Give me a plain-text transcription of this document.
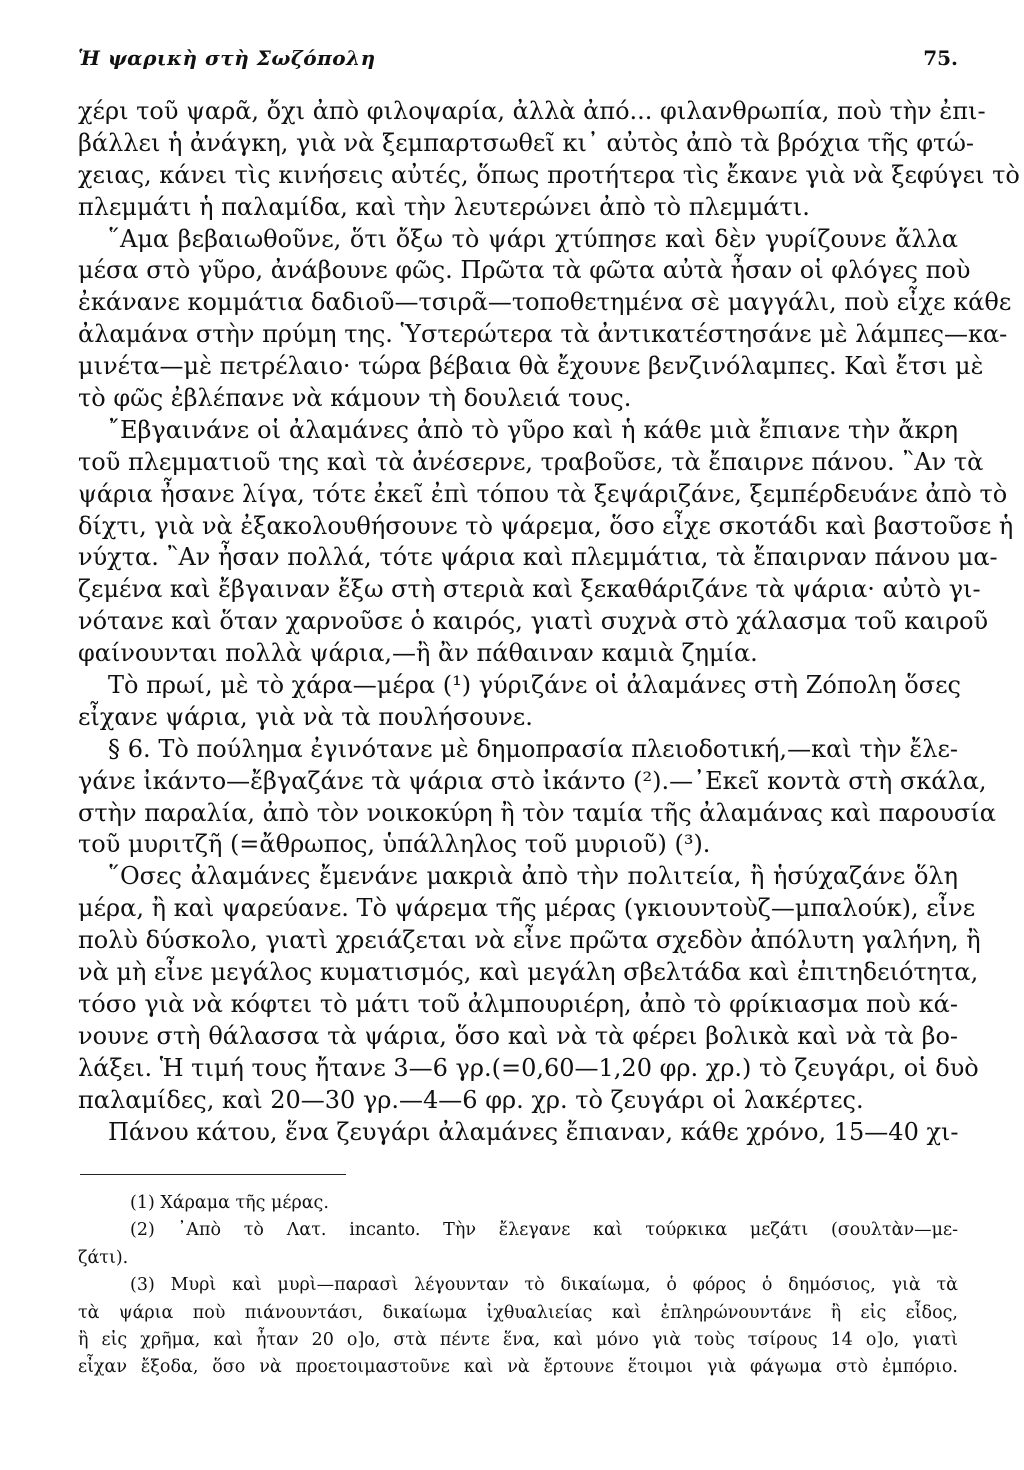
Ἡ ψαρικὴ στὴ Σωζόπολη	75.
χέρι τοῦ ψαρᾶ, ὄχι ἀπὸ φιλοψαρία, ἀλλὰ ἀπό... φιλανθρωπία, ποὺ τὴν ἐπι-
βάλλει ἡ ἀνάγκη, γιὰ νὰ ξεμπαρτσωθεῖ κι᾽ αὐτὸς ἀπὸ τὰ βρόχια τῆς φτώ-
χειας, κάνει τὶς κινήσεις αὐτές, ὅπως προτήτερα τὶς ἔκανε γιὰ νὰ ξεφύγει τὸ
πλεμμάτι ἡ παλαμίδα, καὶ τὴν λευτερώνει ἀπὸ τὸ πλεμμάτι.
῞Αμα βεβαιωθοῦνε, ὅτι ὄξω τὸ ψάρι χτύπησε καὶ δὲν γυρίζουνε ἄλλα
μέσα στὸ γῦρο, ἀνάβουνε φῶς. Πρῶτα τὰ φῶτα αὐτὰ ἦσαν οἱ φλόγες ποὺ
ἐκάνανε κομμάτια δαδιοῦ—τσιρᾶ—τοποθετημένα σὲ μαγγάλι, ποὺ εἶχε κάθε
ἀλαμάνα στὴν πρύμη της. Ὑστερώτερα τὰ ἀντικατέστησάνε μὲ λάμπες—κα-
μινέτα—μὲ πετρέλαιο· τώρα βέβαια θὰ ἔχουνε βενζινόλαμπες. Καὶ ἔτσι μὲ
τὸ φῶς ἐβλέπανε νὰ κάμουν τὴ δουλειά τους.
῎Εβγαινάνε οἱ ἀλαμάνες ἀπὸ τὸ γῦρο καὶ ἡ κάθε μιὰ ἔπιανε τὴν ἄκρη
τοῦ πλεμματιοῦ της καὶ τὰ ἀνέσερνε, τραβοῦσε, τὰ ἔπαιρνε πάνου. ῍Αν τὰ
ψάρια ἦσανε λίγα, τότε ἐκεῖ ἐπὶ τόπου τὰ ξεψάριζάνε, ξεμπέρδευάνε ἀπὸ τὸ
δίχτι, γιὰ νὰ ἐξακολουθήσουνε τὸ ψάρεμα, ὅσο εἶχε σκοτάδι καὶ βαστοῦσε ἡ
νύχτα. ῍Αν ἦσαν πολλά, τότε ψάρια καὶ πλεμμάτια, τὰ ἔπαιρναν πάνου μα-
ζεμένα καὶ ἔβγαιναν ἔξω στὴ στεριὰ καὶ ξεκαθάριζάνε τὰ ψάρια· αὐτὸ γι-
νότανε καὶ ὅταν χαρνοῦσε ὁ καιρός, γιατὶ συχνὰ στὸ χάλασμα τοῦ καιροῦ
φαίνουνται πολλὰ ψάρια,—ἢ ἂν πάθαιναν καμιὰ ζημία.
Τὸ πρωί, μὲ τὸ χάρα—μέρα (¹) γύριζάνε οἱ ἀλαμάνες στὴ Ζόπολη ὅσες
εἶχανε ψάρια, γιὰ νὰ τὰ πουλήσουνε.
§ 6. Τὸ πούλημα ἐγινότανε μὲ δημοπρασία πλειοδοτική,—καὶ τὴν ἔλε-
γάνε ἰκάντο—ἔβγαζάνε τὰ ψάρια στὸ ἰκάντο (²).—᾽Εκεῖ κοντὰ στὴ σκάλα,
στὴν παραλία, ἀπὸ τὸν νοικοκύρη ἢ τὸν ταμία τῆς ἀλαμάνας καὶ παρουσία
τοῦ μυριτζῆ (=ἄθρωπος, ὑπάλληλος τοῦ μυριοῦ) (³).
῞Οσες ἀλαμάνες ἔμενάνε μακριὰ ἀπὸ τὴν πολιτεία, ἢ ἡσύχαζάνε ὅλη
μέρα, ἢ καὶ ψαρεύανε. Τὸ ψάρεμα τῆς μέρας (γκιουντοὺζ—μπαλούκ), εἶνε
πολὺ δύσκολο, γιατὶ χρειάζεται νὰ εἶνε πρῶτα σχεδὸν ἀπόλυτη γαλήνη, ἢ
νὰ μὴ εἶνε μεγάλος κυματισμός, καὶ μεγάλη σβελτάδα καὶ ἐπιτηδειότητα,
τόσο γιὰ νὰ κόφτει τὸ μάτι τοῦ ἀλμπουριέρη, ἀπὸ τὸ φρίκιασμα ποὺ κά-
νουνε στὴ θάλασσα τὰ ψάρια, ὅσο καὶ νὰ τὰ φέρει βολικὰ καὶ νὰ τὰ βο-
λάξει. Ἡ τιμή τους ἤτανε 3—6 γρ.(=0,60—1,20 φρ. χρ.) τὸ ζευγάρι, οἱ δυὸ
παλαμίδες, καὶ 20—30 γρ.—4—6 φρ. χρ. τὸ ζευγάρι οἱ λακέρτες.
Πάνου κάτου, ἕνα ζευγάρι ἀλαμάνες ἔπιαναν, κάθε χρόνο, 15—40 χι-
(1) Χάραμα τῆς μέρας.
(2) ᾽Απὸ τὸ Λατ. incanto. Τὴν ἔλεγανε καὶ τούρκικα μεζάτι (σουλτὰν—με-
ζάτι).
(3) Μυρὶ καὶ μυρὶ—παρασὶ λέγουνταν τὸ δικαίωμα, ὁ φόρος ὁ δημόσιος, γιὰ τὰ
τὰ ψάρια ποὺ πιάνουντάσι, δικαίωμα ἰχθυαλιείας καὶ ἐπληρώνουντάνε ἢ εἰς εἶδος,
ἢ εἰς χρῆμα, καὶ ἦταν 20 ο]ο, στὰ πέντε ἕνα, καὶ μόνο γιὰ τοὺς τσίρους 14 ο]ο, γιατὶ
εἶχαν ἔξοδα, ὅσο νὰ προετοιμαστοῦνε καὶ νὰ ἔρτουνε ἕτοιμοι γιὰ φάγωμα στὸ ἐμπόριο.
